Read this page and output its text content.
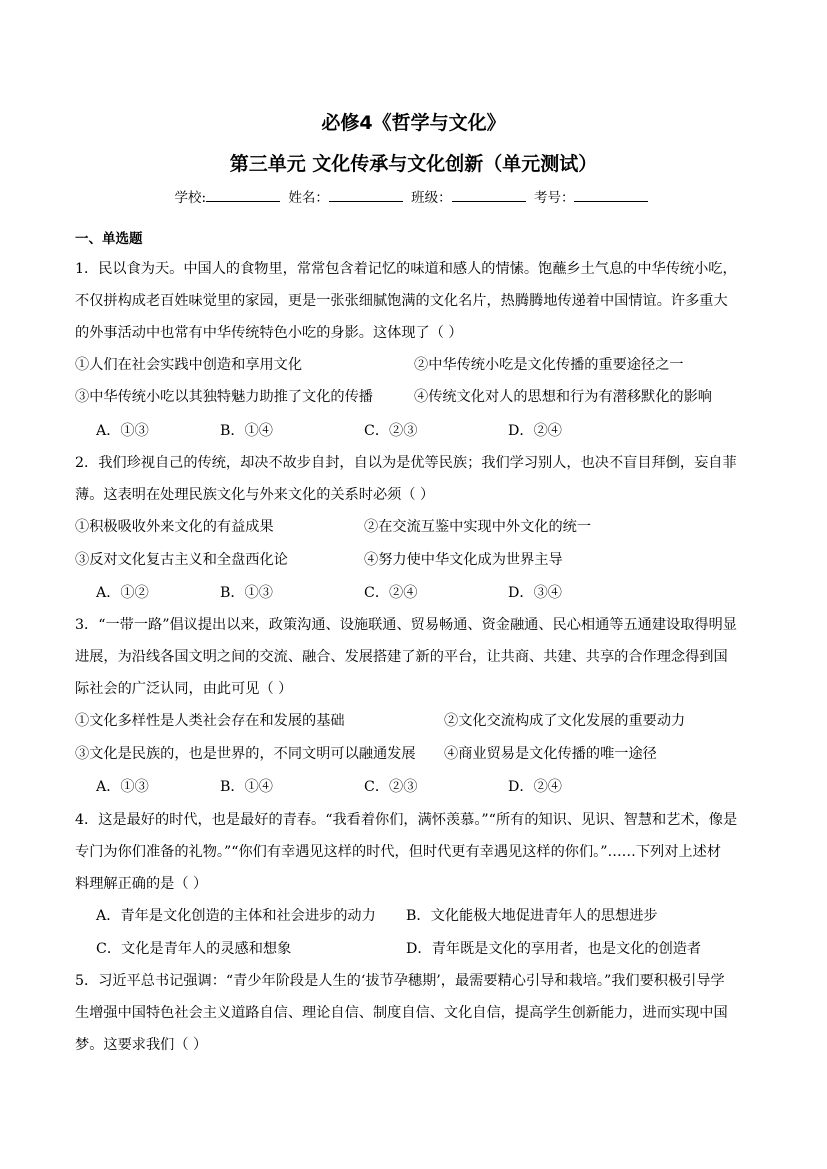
必修4《哲学与文化》
第三单元 文化传承与文化创新（单元测试）
学校:	姓名：	班级：	考号：
一、单选题
1．民以食为天。中国人的食物里，常常包含着记忆的味道和感人的情愫。饱蘸乡土气息的中华传统小吃，
不仅拼构成老百姓味觉里的家园，更是一张张细腻饱满的文化名片，热腾腾地传递着中国情谊。许多重大
的外事活动中也常有中华传统特色小吃的身影。这体现了（ ）
①人们在社会实践中创造和享用文化	②中华传统小吃是文化传播的重要途径之一
③中华传统小吃以其独特魅力助推了文化的传播	④传统文化对人的思想和行为有潜移默化的影响
A．①③	B．①④	C．②③	D．②④
2．我们珍视自己的传统，却决不故步自封，自以为是优等民族；我们学习别人，也决不盲目拜倒，妄自菲
薄。这表明在处理民族文化与外来文化的关系时必须（ ）
①积极吸收外来文化的有益成果	②在交流互鉴中实现中外文化的统一
③反对文化复古主义和全盘西化论	④努力使中华文化成为世界主导
A．①②	B．①③	C．②④	D．③④
3．“一带一路”倡议提出以来，政策沟通、设施联通、贸易畅通、资金融通、民心相通等五通建设取得明显
进展，为沿线各国文明之间的交流、融合、发展搭建了新的平台，让共商、共建、共享的合作理念得到国
际社会的广泛认同，由此可见（ ）
①文化多样性是人类社会存在和发展的基础	②文化交流构成了文化发展的重要动力
③文化是民族的，也是世界的，不同文明可以融通发展 ④商业贸易是文化传播的唯一途径
A．①③	B．①④	C．②③	D．②④
4．这是最好的时代，也是最好的青春。“我看着你们，满怀羡慕。”“所有的知识、见识、智慧和艺术，像是
专门为你们准备的礼物。”“你们有幸遇见这样的时代，但时代更有幸遇见这样的你们。”……下列对上述材
料理解正确的是（ ）
A．青年是文化创造的主体和社会进步的动力 B．文化能极大地促进青年人的思想进步
C．文化是青年人的灵感和想象	D．青年既是文化的享用者，也是文化的创造者
5．习近平总书记强调：“青少年阶段是人生的‘拔节孕穗期’，最需要精心引导和栽培。”我们要积极引导学
生增强中国特色社会主义道路自信、理论自信、制度自信、文化自信，提高学生创新能力，进而实现中国
梦。这要求我们（ ）
